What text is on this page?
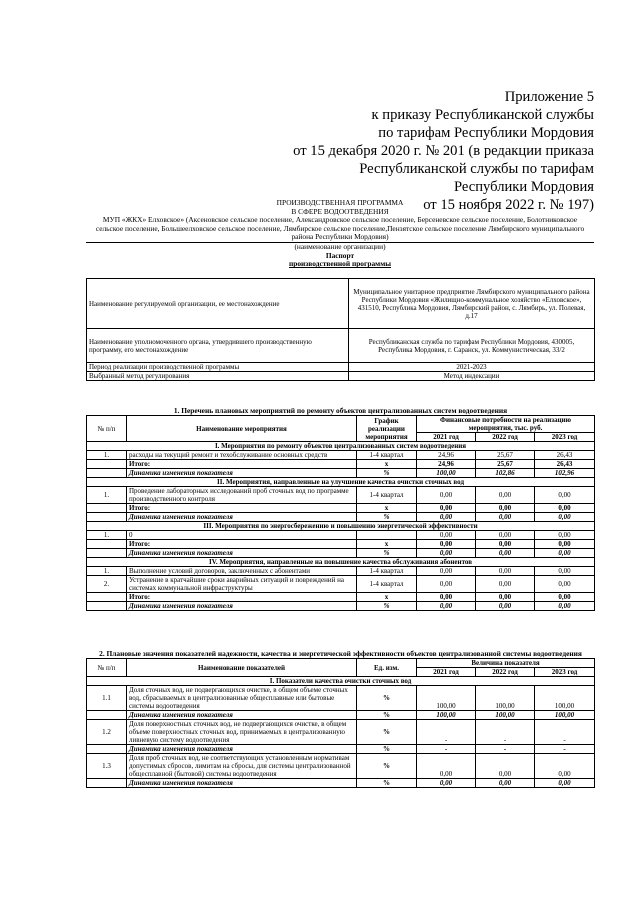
Приложение 5
к приказу Республиканской службы
по тарифам Республики Мордовия
от 15 декабря 2020 г. № 201 (в редакции приказа
Республиканской службы по тарифам
Республики Мордовия
от 15 ноября 2022 г. № 197)
ПРОИЗВОДСТВЕННАЯ ПРОГРАММА
В СФЕРЕ ВОДООТВЕДЕНИЯ
МУП «ЖКХ» Елховское» (Аксеновское сельское поселение, Александровское сельское поселение, Берсеневское сельское поселение, Болотниковское сельское поселение, Большеелховское сельское поселение, Лямбирское сельское поселение,Пензятское сельское поселение Лямбирского муниципального района Республики Мордовия)
(наименование организации)
Паспорт
производственной программы
Наименование регулируемой организации, ее местонахождение	Муниципальное унитарное предприятие Лямбирского муниципального района Республики Мордовия «Жилищно-коммунальное хозяйство «Елховское», 431510, Республика Мордовия, Лямбирский район, с. Лямбирь, ул. Полевая, д.17
Наименование уполномоченного органа, утвердившего производственную программу, его местонахождение	Республиканская служба по тарифам Республики Мордовия, 430005, Республика Мордовия, г. Саранск, ул. Коммунистическая, 33/2
Период реализации производственной программы	2021-2023
Выбранный метод регулирования	Метод индексации
1. Перечень плановых мероприятий по ремонту объектов централизованных систем водоотведения					
№ п/п	Наименование мероприятия	График реализации мероприятия	Финансовые потребности на реализацию мероприятия, тыс. руб.		
			2021 год	2022 год	2023 год
I. Мероприятия по ремонту объектов централизованных систем водоотведения					
1.	расходы на текущий ремонт и техобслуживание основных средств	1-4 квартал	24,96	25,67	26,43
	Итого:	х	24,96	25,67	26,43
	Динамика изменения показателя	%	100,00	102,86	102,96
II. Мероприятия, направленные на улучшение качества очистки сточных вод					
1.	Проведение лабораторных исследований проб сточных вод по программе производственного контроля	1-4 квартал	0,00	0,00	0,00
	Итого:	х	0,00	0,00	0,00
	Динамика изменения показателя	%	0,00	0,00	0,00
III. Мероприятия по энергосбережению и повышению энергетической эффективности					
1.	0		0,00	0,00	0,00
	Итого:	х	0,00	0,00	0,00
	Динамика изменения показателя	%	0,00	0,00	0,00
IV. Мероприятия, направленные на повышение качества обслуживания абонентов					
1.	Выполнение условий договоров, заключенных с абонентами	1-4 квартал	0,00	0,00	0,00
2.	Устранение в кратчайшие сроки аварийных ситуаций и повреждений на системах коммунальной инфраструктуры	1-4 квартал	0,00	0,00	0,00
	Итого:	х	0,00	0,00	0,00
	Динамика изменения показателя	%	0,00	0,00	0,00
2. Плановые значения показателей надежности, качества и энергетической эффективности объектов централизованной системы водоотведения					
№ п/п	Наименование показателей	Ед. изм.	Величина показателя		
			2021 год	2022 год	2023 год
I. Показатели качества очистки сточных вод					
1.1	Доля сточных вод, не подвергающихся очистке, в общем объеме сточных вод, сбрасываемых в централизованные общесплавные или бытовые системы водоотведения	%	100,00	100,00	100,00
	Динамика изменения показателя	%	100,00	100,00	100,00
1.2	Доля поверхностных сточных вод, не подвергающихся очистке, в общем объеме поверхностных сточных вод, принимаемых в централизованную ливневую систему водоотведения	%	-	-	-
	Динамика изменения показателя	%	-	-	-
1.3	Доля проб сточных вод, не соответствующих установленным нормативам допустимых сбросов, лимитам на сбросы, для системы централизованной общесплавной (бытовой) системы водоотведения	%	0,00	0,00	0,00
	Динамика изменения показателя	%	0,00	0,00	0,00
